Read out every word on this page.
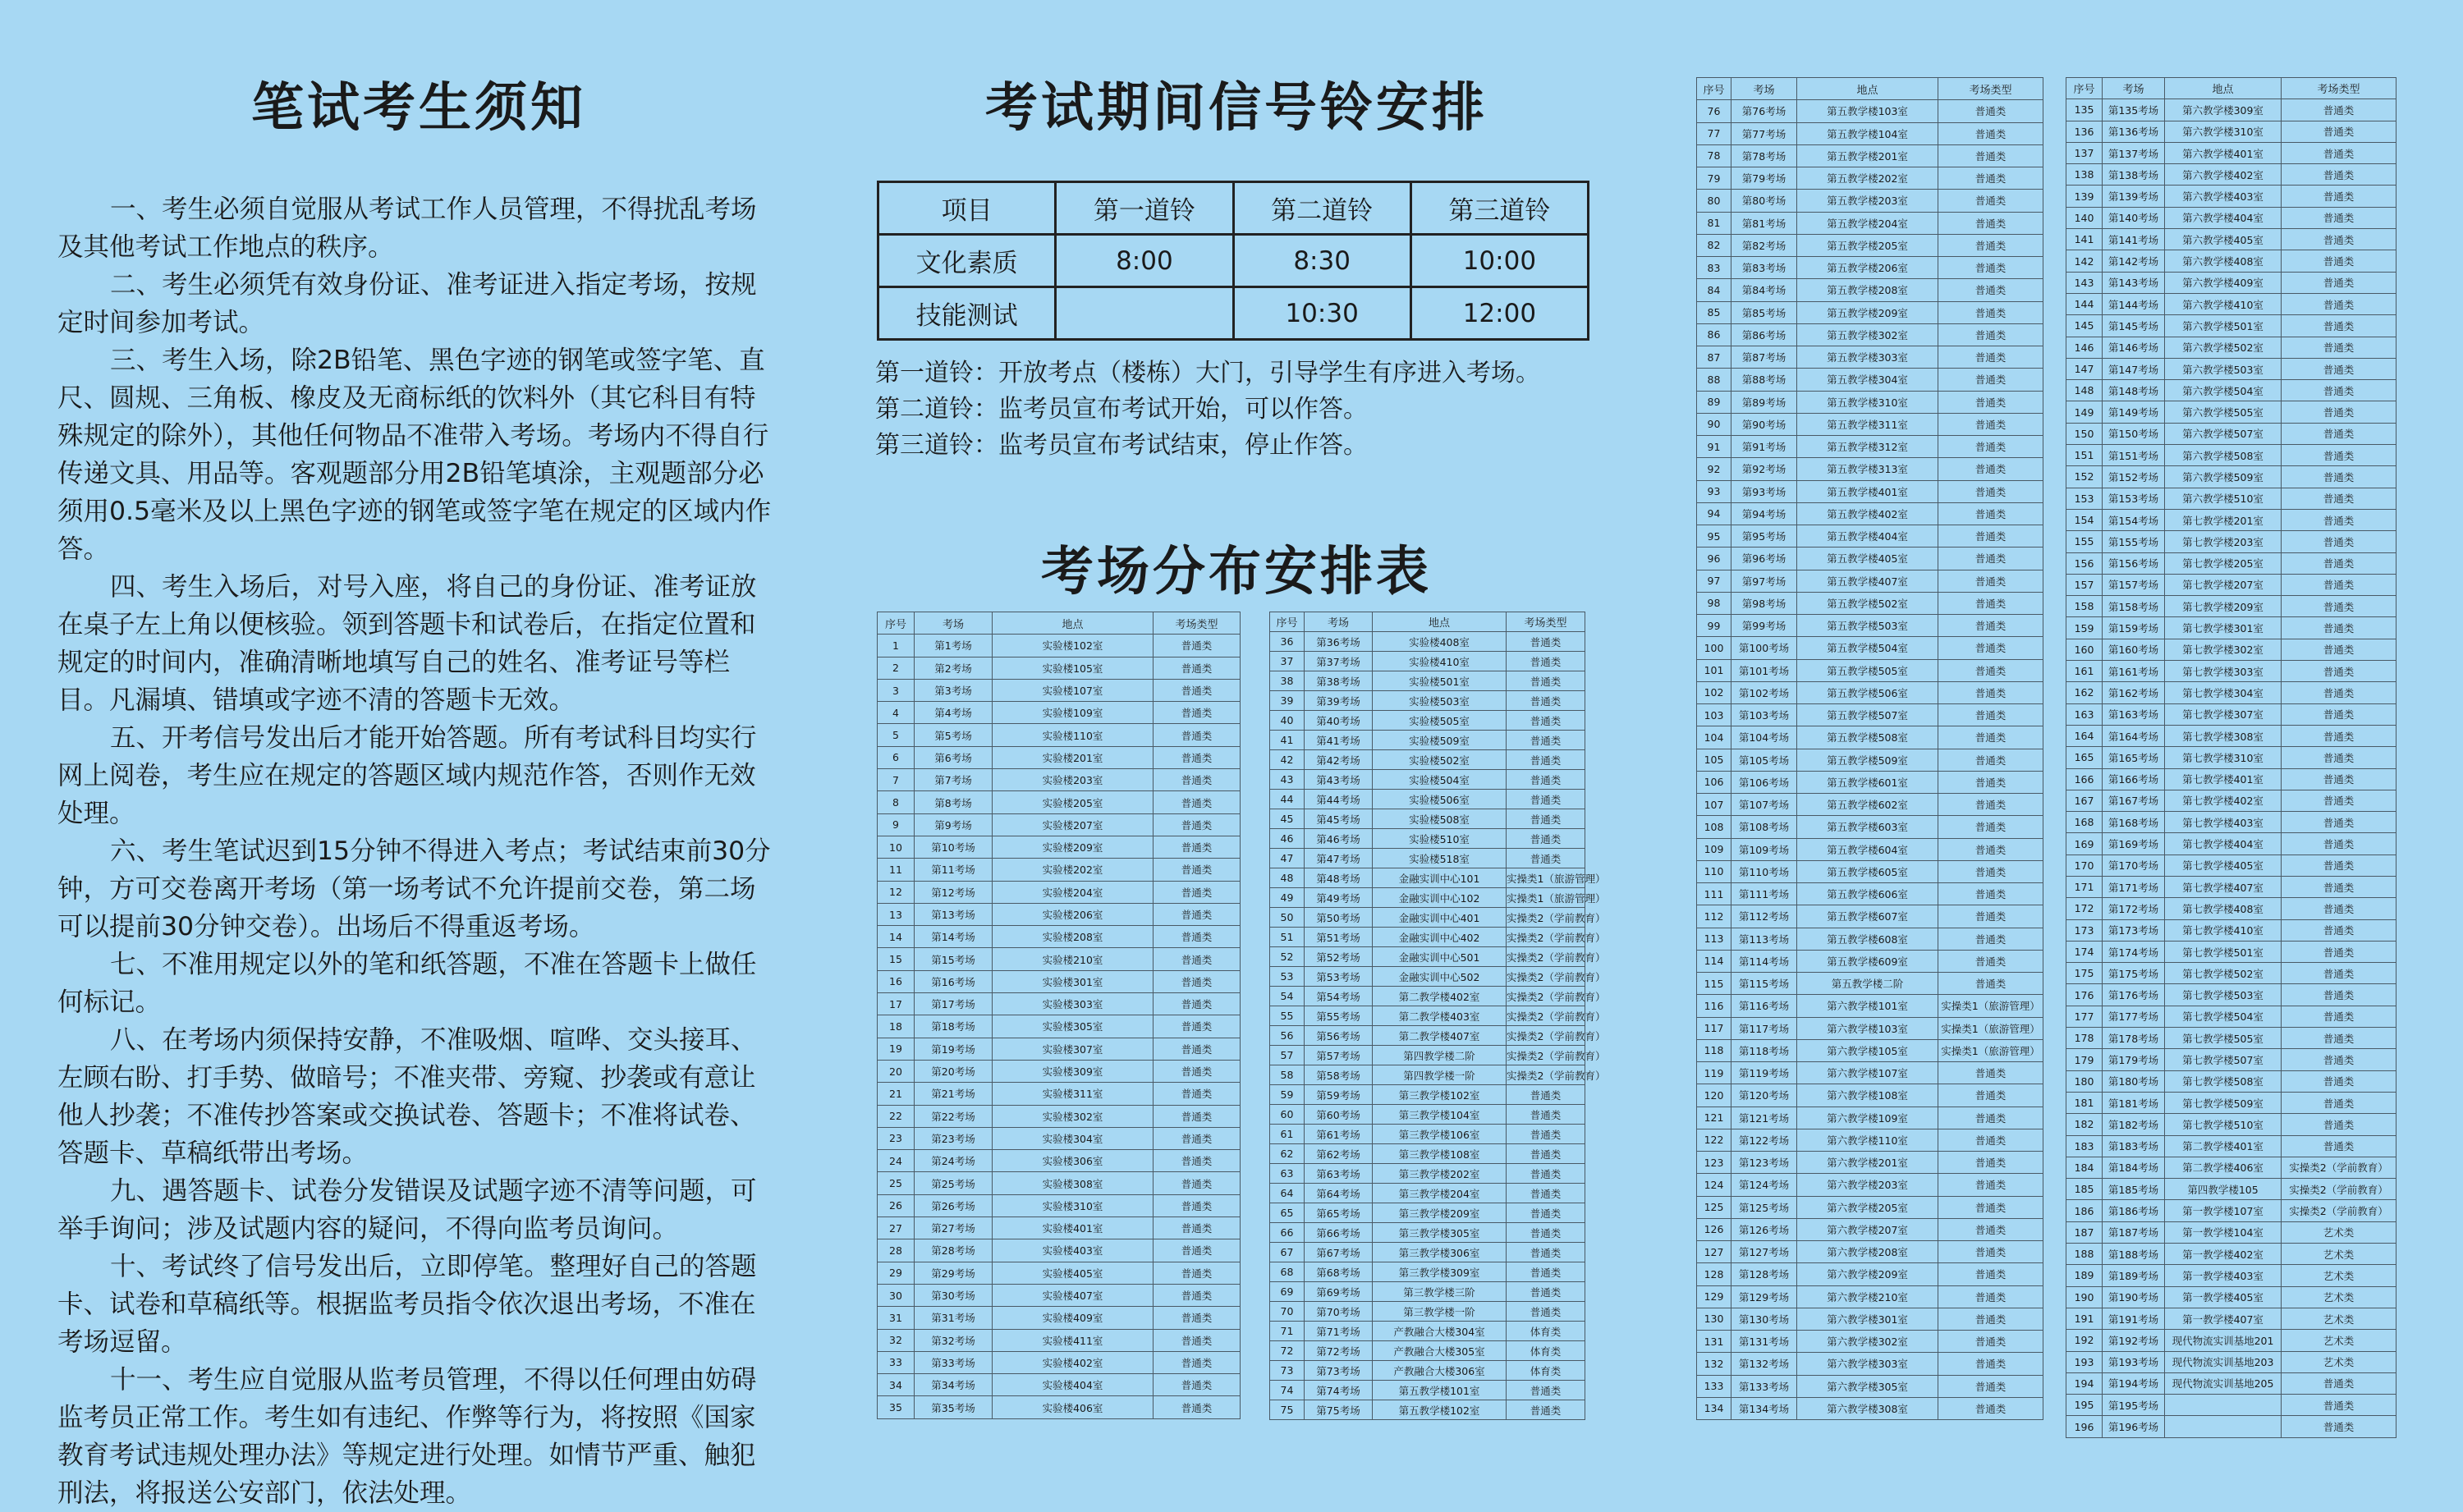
笔试考生须知

一、考生必须自觉服从考试工作人员管理，不得扰乱考场及其他考试工作地点的秩序。

二、考生必须凭有效身份证、准考证进入指定考场，按规定时间参加考试。

三、考生入场，除2B铅笔、黑色字迹的钢笔或签字笔、直尺、圆规、三角板、橡皮及无商标纸的饮料外（其它科目有特殊规定的除外），其他任何物品不准带入考场。考场内不得自行传递文具、用品等。客观题部分用2B铅笔填涂，主观题部分必须用0.5毫米及以上黑色字迹的钢笔或签字笔在规定的区域内作答。

四、考生入场后，对号入座，将自己的身份证、准考证放在桌子左上角以便核验。领到答题卡和试卷后，在指定位置和规定的时间内，准确清晰地填写自己的姓名、准考证号等栏目。凡漏填、错填或字迹不清的答题卡无效。

五、开考信号发出后才能开始答题。所有考试科目均实行网上阅卷，考生应在规定的答题区域内规范作答，否则作无效处理。

六、考生笔试迟到15分钟不得进入考点；考试结束前30分钟，方可交卷离开考场（第一场考试不允许提前交卷，第二场可以提前30分钟交卷）。出场后不得重返考场。

七、不准用规定以外的笔和纸答题，不准在答题卡上做任何标记。

八、在考场内须保持安静，不准吸烟、喧哗、交头接耳、左顾右盼、打手势、做暗号；不准夹带、旁窥、抄袭或有意让他人抄袭；不准传抄答案或交换试卷、答题卡；不准将试卷、答题卡、草稿纸带出考场。

九、遇答题卡、试卷分发错误及试题字迹不清等问题，可举手询问；涉及试题内容的疑问，不得向监考员询问。

十、考试终了信号发出后，立即停笔。整理好自己的答题卡、试卷和草稿纸等。根据监考员指令依次退出考场，不准在考场逗留。

十一、考生应自觉服从监考员管理，不得以任何理由妨碍监考员正常工作。考生如有违纪、作弊等行为，将按照《国家教育考试违规处理办法》等规定进行处理。如情节严重、触犯刑法，将报送公安部门，依法处理。

考试期间信号铃安排
项目	第一道铃	第二道铃	第三道铃
文化素质	8:00	8:30	10:00
技能测试		10:30	12:00

第一道铃：开放考点（楼栋）大门，引导学生有序进入考场。

第二道铃：监考员宣布考试开始，可以作答。

第三道铃：监考员宣布考试结束，停止作答。

考场分布安排表
序号	考场	地点	考场类型
1	第1考场	实验楼102室	普通类
2	第2考场	实验楼105室	普通类
3	第3考场	实验楼107室	普通类
4	第4考场	实验楼109室	普通类
5	第5考场	实验楼110室	普通类
6	第6考场	实验楼201室	普通类
7	第7考场	实验楼203室	普通类
8	第8考场	实验楼205室	普通类
9	第9考场	实验楼207室	普通类
10	第10考场	实验楼209室	普通类
11	第11考场	实验楼202室	普通类
12	第12考场	实验楼204室	普通类
13	第13考场	实验楼206室	普通类
14	第14考场	实验楼208室	普通类
15	第15考场	实验楼210室	普通类
16	第16考场	实验楼301室	普通类
17	第17考场	实验楼303室	普通类
18	第18考场	实验楼305室	普通类
19	第19考场	实验楼307室	普通类
20	第20考场	实验楼309室	普通类
21	第21考场	实验楼311室	普通类
22	第22考场	实验楼302室	普通类
23	第23考场	实验楼304室	普通类
24	第24考场	实验楼306室	普通类
25	第25考场	实验楼308室	普通类
26	第26考场	实验楼310室	普通类
27	第27考场	实验楼401室	普通类
28	第28考场	实验楼403室	普通类
29	第29考场	实验楼405室	普通类
30	第30考场	实验楼407室	普通类
31	第31考场	实验楼409室	普通类
32	第32考场	实验楼411室	普通类
33	第33考场	实验楼402室	普通类
34	第34考场	实验楼404室	普通类
35	第35考场	实验楼406室	普通类
序号	考场	地点	考场类型
36	第36考场	实验楼408室	普通类
37	第37考场	实验楼410室	普通类
38	第38考场	实验楼501室	普通类
39	第39考场	实验楼503室	普通类
40	第40考场	实验楼505室	普通类
41	第41考场	实验楼509室	普通类
42	第42考场	实验楼502室	普通类
43	第43考场	实验楼504室	普通类
44	第44考场	实验楼506室	普通类
45	第45考场	实验楼508室	普通类
46	第46考场	实验楼510室	普通类
47	第47考场	实验楼518室	普通类
48	第48考场	金融实训中心101	实操类1（旅游管理）
49	第49考场	金融实训中心102	实操类1（旅游管理）
50	第50考场	金融实训中心401	实操类2（学前教育）
51	第51考场	金融实训中心402	实操类2（学前教育）
52	第52考场	金融实训中心501	实操类2（学前教育）
53	第53考场	金融实训中心502	实操类2（学前教育）
54	第54考场	第二教学楼402室	实操类2（学前教育）
55	第55考场	第二教学楼403室	实操类2（学前教育）
56	第56考场	第二教学楼407室	实操类2（学前教育）
57	第57考场	第四教学楼二阶	实操类2（学前教育）
58	第58考场	第四教学楼一阶	实操类2（学前教育）
59	第59考场	第三教学楼102室	普通类
60	第60考场	第三教学楼104室	普通类
61	第61考场	第三教学楼106室	普通类
62	第62考场	第三教学楼108室	普通类
63	第63考场	第三教学楼202室	普通类
64	第64考场	第三教学楼204室	普通类
65	第65考场	第三教学楼209室	普通类
66	第66考场	第三教学楼305室	普通类
67	第67考场	第三教学楼306室	普通类
68	第68考场	第三教学楼309室	普通类
69	第69考场	第三教学楼三阶	普通类
70	第70考场	第三教学楼一阶	普通类
71	第71考场	产教融合大楼304室	体育类
72	第72考场	产教融合大楼305室	体育类
73	第73考场	产教融合大楼306室	体育类
74	第74考场	第五教学楼101室	普通类
75	第75考场	第五教学楼102室	普通类
序号	考场	地点	考场类型
76	第76考场	第五教学楼103室	普通类
77	第77考场	第五教学楼104室	普通类
78	第78考场	第五教学楼201室	普通类
79	第79考场	第五教学楼202室	普通类
80	第80考场	第五教学楼203室	普通类
81	第81考场	第五教学楼204室	普通类
82	第82考场	第五教学楼205室	普通类
83	第83考场	第五教学楼206室	普通类
84	第84考场	第五教学楼208室	普通类
85	第85考场	第五教学楼209室	普通类
86	第86考场	第五教学楼302室	普通类
87	第87考场	第五教学楼303室	普通类
88	第88考场	第五教学楼304室	普通类
89	第89考场	第五教学楼310室	普通类
90	第90考场	第五教学楼311室	普通类
91	第91考场	第五教学楼312室	普通类
92	第92考场	第五教学楼313室	普通类
93	第93考场	第五教学楼401室	普通类
94	第94考场	第五教学楼402室	普通类
95	第95考场	第五教学楼404室	普通类
96	第96考场	第五教学楼405室	普通类
97	第97考场	第五教学楼407室	普通类
98	第98考场	第五教学楼502室	普通类
99	第99考场	第五教学楼503室	普通类
100	第100考场	第五教学楼504室	普通类
101	第101考场	第五教学楼505室	普通类
102	第102考场	第五教学楼506室	普通类
103	第103考场	第五教学楼507室	普通类
104	第104考场	第五教学楼508室	普通类
105	第105考场	第五教学楼509室	普通类
106	第106考场	第五教学楼601室	普通类
107	第107考场	第五教学楼602室	普通类
108	第108考场	第五教学楼603室	普通类
109	第109考场	第五教学楼604室	普通类
110	第110考场	第五教学楼605室	普通类
111	第111考场	第五教学楼606室	普通类
112	第112考场	第五教学楼607室	普通类
113	第113考场	第五教学楼608室	普通类
114	第114考场	第五教学楼609室	普通类
115	第115考场	第五教学楼二阶	普通类
116	第116考场	第六教学楼101室	实操类1（旅游管理）
117	第117考场	第六教学楼103室	实操类1（旅游管理）
118	第118考场	第六教学楼105室	实操类1（旅游管理）
119	第119考场	第六教学楼107室	普通类
120	第120考场	第六教学楼108室	普通类
121	第121考场	第六教学楼109室	普通类
122	第122考场	第六教学楼110室	普通类
123	第123考场	第六教学楼201室	普通类
124	第124考场	第六教学楼203室	普通类
125	第125考场	第六教学楼205室	普通类
126	第126考场	第六教学楼207室	普通类
127	第127考场	第六教学楼208室	普通类
128	第128考场	第六教学楼209室	普通类
129	第129考场	第六教学楼210室	普通类
130	第130考场	第六教学楼301室	普通类
131	第131考场	第六教学楼302室	普通类
132	第132考场	第六教学楼303室	普通类
133	第133考场	第六教学楼305室	普通类
134	第134考场	第六教学楼308室	普通类
序号	考场	地点	考场类型
135	第135考场	第六教学楼309室	普通类
136	第136考场	第六教学楼310室	普通类
137	第137考场	第六教学楼401室	普通类
138	第138考场	第六教学楼402室	普通类
139	第139考场	第六教学楼403室	普通类
140	第140考场	第六教学楼404室	普通类
141	第141考场	第六教学楼405室	普通类
142	第142考场	第六教学楼408室	普通类
143	第143考场	第六教学楼409室	普通类
144	第144考场	第六教学楼410室	普通类
145	第145考场	第六教学楼501室	普通类
146	第146考场	第六教学楼502室	普通类
147	第147考场	第六教学楼503室	普通类
148	第148考场	第六教学楼504室	普通类
149	第149考场	第六教学楼505室	普通类
150	第150考场	第六教学楼507室	普通类
151	第151考场	第六教学楼508室	普通类
152	第152考场	第六教学楼509室	普通类
153	第153考场	第六教学楼510室	普通类
154	第154考场	第七教学楼201室	普通类
155	第155考场	第七教学楼203室	普通类
156	第156考场	第七教学楼205室	普通类
157	第157考场	第七教学楼207室	普通类
158	第158考场	第七教学楼209室	普通类
159	第159考场	第七教学楼301室	普通类
160	第160考场	第七教学楼302室	普通类
161	第161考场	第七教学楼303室	普通类
162	第162考场	第七教学楼304室	普通类
163	第163考场	第七教学楼307室	普通类
164	第164考场	第七教学楼308室	普通类
165	第165考场	第七教学楼310室	普通类
166	第166考场	第七教学楼401室	普通类
167	第167考场	第七教学楼402室	普通类
168	第168考场	第七教学楼403室	普通类
169	第169考场	第七教学楼404室	普通类
170	第170考场	第七教学楼405室	普通类
171	第171考场	第七教学楼407室	普通类
172	第172考场	第七教学楼408室	普通类
173	第173考场	第七教学楼410室	普通类
174	第174考场	第七教学楼501室	普通类
175	第175考场	第七教学楼502室	普通类
176	第176考场	第七教学楼503室	普通类
177	第177考场	第七教学楼504室	普通类
178	第178考场	第七教学楼505室	普通类
179	第179考场	第七教学楼507室	普通类
180	第180考场	第七教学楼508室	普通类
181	第181考场	第七教学楼509室	普通类
182	第182考场	第七教学楼510室	普通类
183	第183考场	第二教学楼401室	普通类
184	第184考场	第二教学楼406室	实操类2（学前教育）
185	第185考场	第四教学楼105	实操类2（学前教育）
186	第186考场	第一教学楼107室	实操类2（学前教育）
187	第187考场	第一教学楼104室	艺术类
188	第188考场	第一教学楼402室	艺术类
189	第189考场	第一教学楼403室	艺术类
190	第190考场	第一教学楼405室	艺术类
191	第191考场	第一教学楼407室	艺术类
192	第192考场	现代物流实训基地201	艺术类
193	第193考场	现代物流实训基地203	艺术类
194	第194考场	现代物流实训基地205	普通类
195	第195考场		普通类
196	第196考场		普通类
